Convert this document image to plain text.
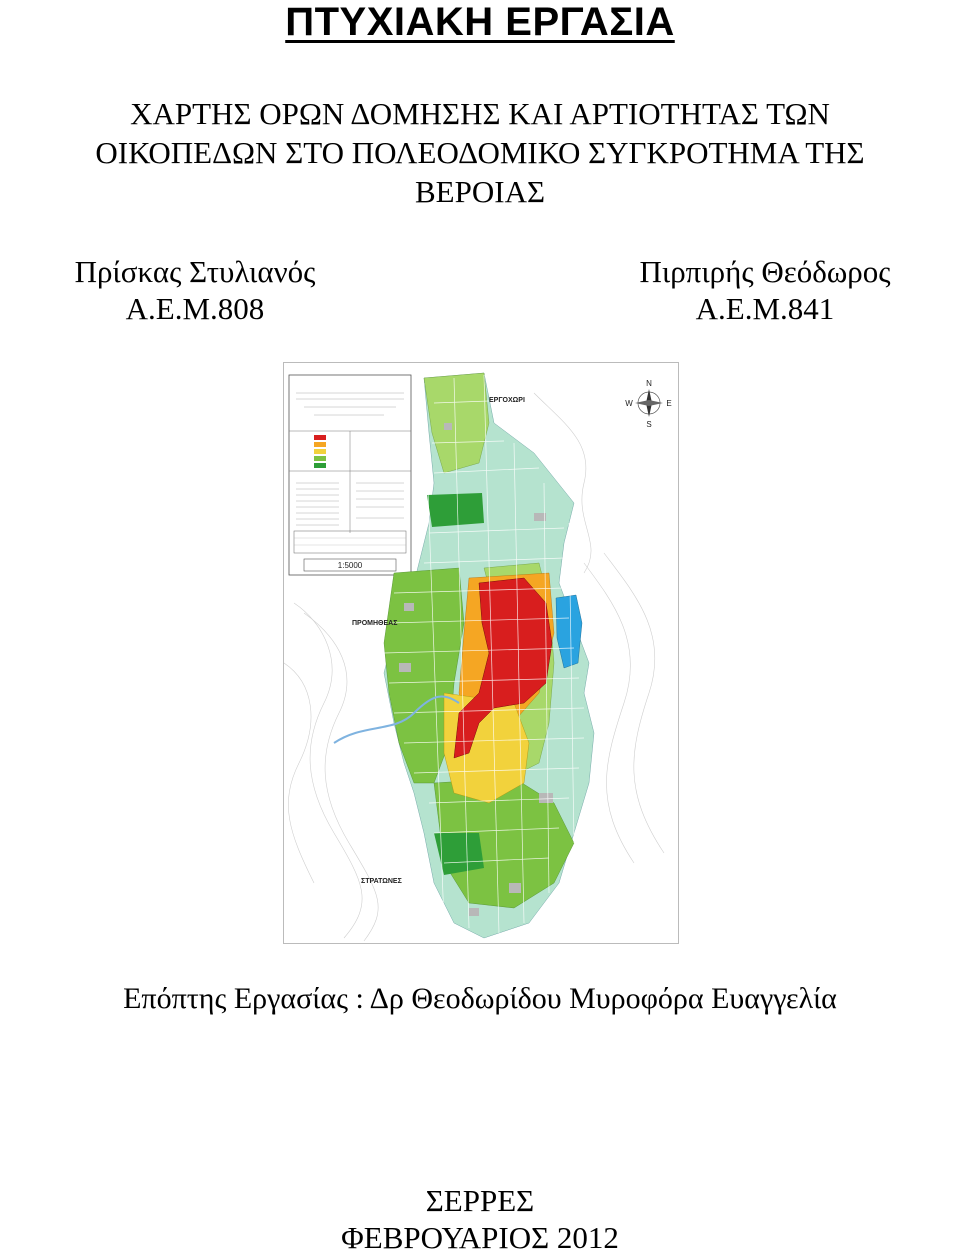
ΠΤΥΧΙΑΚΗ ΕΡΓΑΣΙΑ
ΧΑΡΤΗΣ ΟΡΩΝ ΔΟΜΗΣΗΣ ΚΑΙ ΑΡΤΙΟΤΗΤΑΣ ΤΩΝ
ΟΙΚΟΠΕΔΩΝ ΣΤΟ ΠΟΛΕΟΔΟΜΙΚΟ ΣΥΓΚΡΟΤΗΜΑ ΤΗΣ
ΒΕΡΟΙΑΣ
Πρίσκας Στυλιανός
Α.Ε.Μ.808
Πιρπιρής Θεόδωρος
Α.Ε.Μ.841
1:5000
N
S
W	E
ΕΡΓΟΧΩΡΙ
ΠΡΟΜΗΘΕΑΣ
ΣΤΡΑΤΩΝΕΣ
Επόπτης Εργασίας : Δρ Θεοδωρίδου Μυροφόρα Ευαγγελία
ΣΕΡΡΕΣ
ΦΕΒΡΟΥΑΡΙΟΣ 2012
